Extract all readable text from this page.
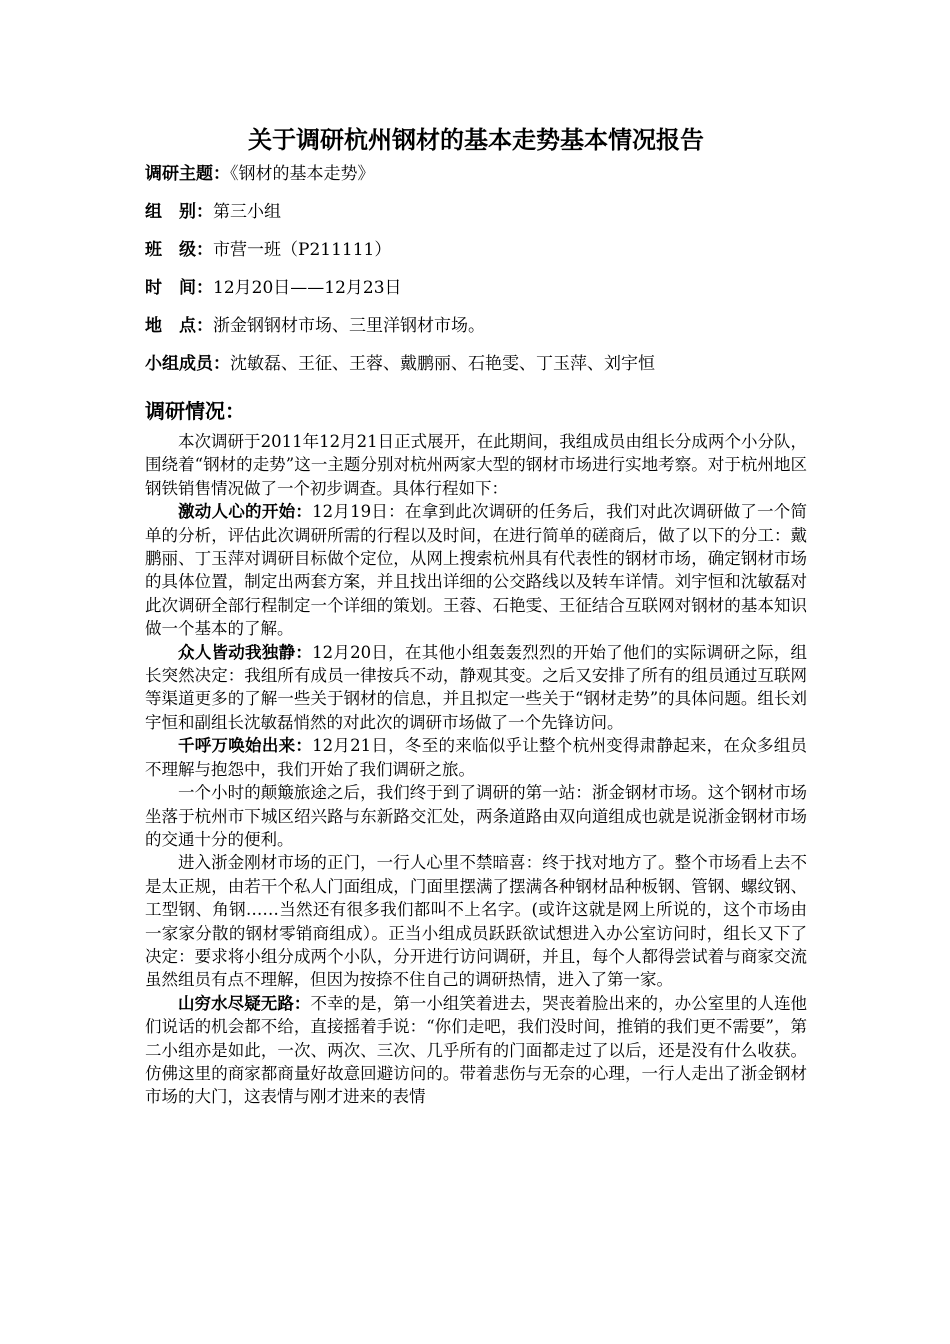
关于调研杭州钢材的基本走势基本情况报告

调研主题：《钢材的基本走势》

组　别：第三小组

班　级：市营一班（P211111）

时　间：12月20日——12月23日

地　点：浙金钢钢材市场、三里洋钢材市场。

小组成员：沈敏磊、王征、王蓉、戴鹏丽、石艳雯、丁玉萍、刘宇恒

调研情况：

本次调研于2011年12月21日正式展开，在此期间，我组成员由组长分成两个小分队，围绕着“钢材的走势”这一主题分别对杭州两家大型的钢材市场进行实地考察。对于杭州地区钢铁销售情况做了一个初步调查。具体行程如下：

激动人心的开始：12月19日：在拿到此次调研的任务后，我们对此次调研做了一个简单的分析，评估此次调研所需的行程以及时间，在进行简单的磋商后，做了以下的分工：戴鹏丽、丁玉萍对调研目标做个定位，从网上搜索杭州具有代表性的钢材市场，确定钢材市场的具体位置，制定出两套方案，并且找出详细的公交路线以及转车详情。刘宇恒和沈敏磊对此次调研全部行程制定一个详细的策划。王蓉、石艳雯、王征结合互联网对钢材的基本知识做一个基本的了解。

众人皆动我独静：12月20日，在其他小组轰轰烈烈的开始了他们的实际调研之际，组长突然决定：我组所有成员一律按兵不动，静观其变。之后又安排了所有的组员通过互联网等渠道更多的了解一些关于钢材的信息，并且拟定一些关于“钢材走势”的具体问题。组长刘宇恒和副组长沈敏磊悄然的对此次的调研市场做了一个先锋访问。

千呼万唤始出来：12月21日，冬至的来临似乎让整个杭州变得肃静起来，在众多组员不理解与抱怨中，我们开始了我们调研之旅。

一个小时的颠簸旅途之后，我们终于到了调研的第一站：浙金钢材市场。这个钢材市场坐落于杭州市下城区绍兴路与东新路交汇处，两条道路由双向道组成也就是说浙金钢材市场的交通十分的便利。

进入浙金刚材市场的正门，一行人心里不禁暗喜：终于找对地方了。整个市场看上去不是太正规，由若干个私人门面组成，门面里摆满了摆满各种钢材品种板钢、管钢、螺纹钢、工型钢、角钢……当然还有很多我们都叫不上名字。(或许这就是网上所说的，这个市场由一家家分散的钢材零销商组成）。正当小组成员跃跃欲试想进入办公室访问时，组长又下了决定：要求将小组分成两个小队，分开进行访问调研，并且，每个人都得尝试着与商家交流虽然组员有点不理解，但因为按捺不住自己的调研热情，进入了第一家。

山穷水尽疑无路：不幸的是，第一小组笑着进去，哭丧着脸出来的，办公室里的人连他们说话的机会都不给，直接摇着手说：“你们走吧，我们没时间，推销的我们更不需要”，第二小组亦是如此，一次、两次、三次、几乎所有的门面都走过了以后，还是没有什么收获。仿佛这里的商家都商量好故意回避访问的。带着悲伤与无奈的心理，一行人走出了浙金钢材市场的大门，这表情与刚才进来的表情
